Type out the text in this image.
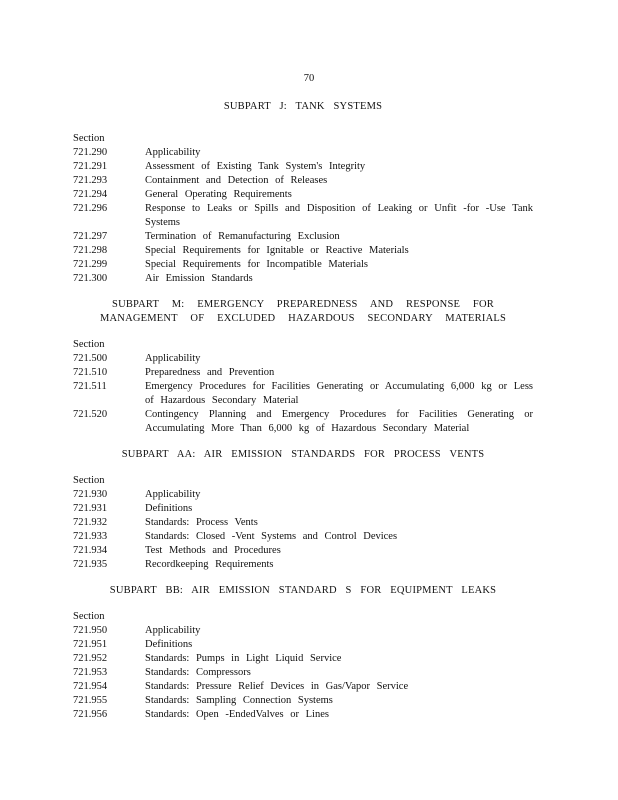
70
SUBPART J: TANK SYSTEMS
Section
721.290	Applicability
721.291	Assessment of Existing Tank System's Integrity
721.293	Containment and Detection of Releases
721.294	General Operating Requirements
721.296	Response to Leaks or Spills and Disposition of Leaking or Unfit -for -Use Tank Systems
721.297	Termination of Remanufacturing Exclusion
721.298	Special Requirements for Ignitable or Reactive Materials
721.299	Special Requirements for Incompatible Materials
721.300	Air Emission Standards
SUBPART M: EMERGENCY PREPAREDNESS AND RESPONSE FOR
MANAGEMENT OF EXCLUDED HAZARDOUS SECONDARY MATERIALS
Section
721.500	Applicability
721.510	Preparedness and Prevention
721.511	Emergency Procedures for Facilities Generating or Accumulating 6,000 kg or Less of Hazardous Secondary Material
721.520	Contingency Planning and Emergency Procedures for Facilities Generating or Accumulating More Than 6,000 kg of Hazardous Secondary Material
SUBPART AA: AIR EMISSION STANDARDS FOR PROCESS VENTS
Section
721.930	Applicability
721.931	Definitions
721.932	Standards: Process Vents
721.933	Standards: Closed -Vent Systems and Control Devices
721.934	Test Methods and Procedures
721.935	Recordkeeping Requirements
SUBPART BB: AIR EMISSION STANDARD S FOR EQUIPMENT LEAKS
Section
721.950	Applicability
721.951	Definitions
721.952	Standards: Pumps in Light Liquid Service
721.953	Standards: Compressors
721.954	Standards: Pressure Relief Devices in Gas/Vapor Service
721.955	Standards: Sampling Connection Systems
721.956	Standards: Open -EndedValves or Lines
